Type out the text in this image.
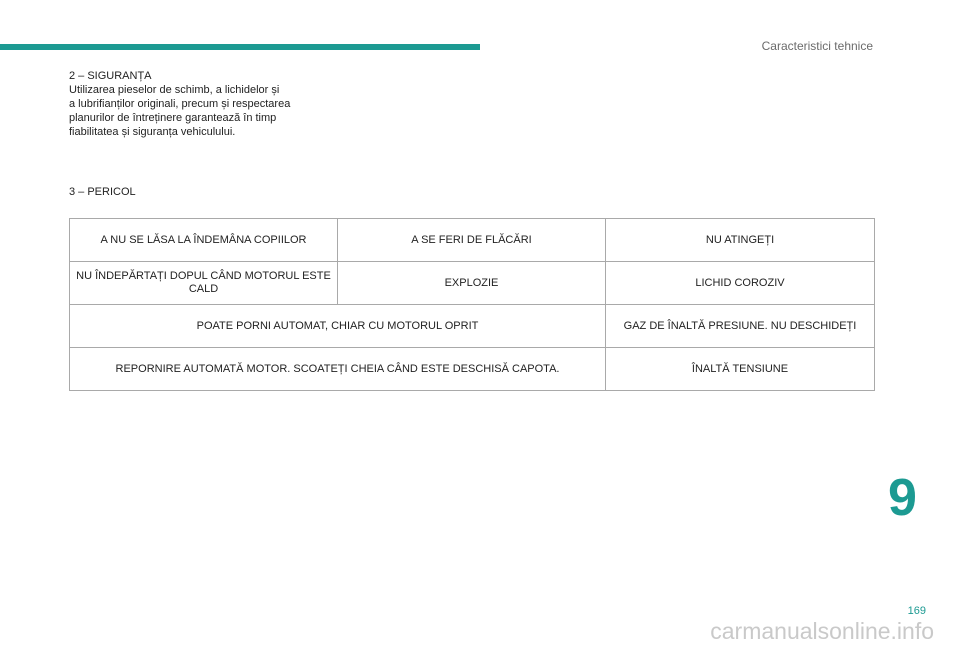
Caracteristici tehnice
2 – SIGURANȚA
Utilizarea pieselor de schimb, a lichidelor și
a lubrifianților originali, precum și respectarea
planurilor de întreținere garantează în timp
fiabilitatea și siguranța vehiculului.
3 – PERICOL
A NU SE LĂSA LA ÎNDEMÂNA COPIILOR	A SE FERI DE FLĂCĂRI	NU ATINGEȚI
NU ÎNDEPĂRTAȚI DOPUL CÂND MOTORUL ESTE CALD	EXPLOZIE	LICHID COROZIV
POATE PORNI AUTOMAT, CHIAR CU MOTORUL OPRIT		GAZ DE ÎNALTĂ PRESIUNE. NU DESCHIDEȚI
REPORNIRE AUTOMATĂ MOTOR. SCOATEȚI CHEIA CÂND ESTE DESCHISĂ CAPOTA.		ÎNALTĂ TENSIUNE
9
169
carmanualsonline.info
